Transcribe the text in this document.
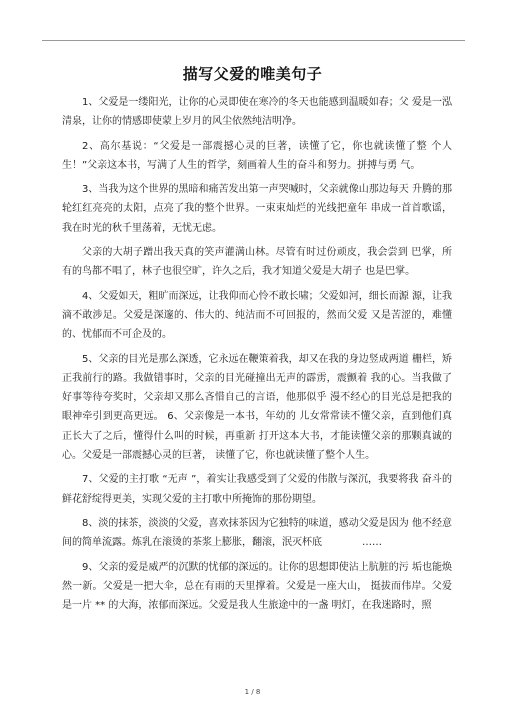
描写父爱的唯美句子

1、父爱是一缕阳光，让你的心灵即使在寒冷的冬天也能感到温暖如春；父 爱是一泓清泉，让你的情感即使蒙上岁月的风尘依然纯洁明净。

2、高尔基说：“父爱是一部震撼心灵的巨著，读懂了它，你也就读懂了整 个人生！”父亲这本书，写满了人生的哲学，刻画着人生的奋斗和努力。拼搏与勇 气。

3、当我为这个世界的黑暗和痛苦发出第一声哭喊时，父亲就像山那边每天 升腾的那轮红红亮亮的太阳，点亮了我的整个世界。一束束灿烂的光线把童年 串成一首首歌谣，我在时光的秋千里荡着，无忧无虑。

父亲的大胡子蹭出我天真的笑声灌满山林。尽管有时过份顽皮，我会尝到 巴掌，所有的鸟都不唱了，林子也很空旷，许久之后，我才知道父爱是大胡子 也是巴掌。

4、父爱如天，粗旷而深远，让我仰而心怜不敢长啸；父爱如河，细长而源 源，让我滴不敢涉足。父爱是深邃的、伟大的、纯洁而不可回报的，然而父爱 又是苦涩的，难懂的、忧郁而不可企及的。

5、父亲的目光是那么深透，它永远在鞭策着我，却又在我的身边竖成两道 栅栏，矫正我前行的路。我做错事时，父亲的目光碰撞出无声的霹雳，震颤着 我的心。当我做了好事等待夸奖时，父亲却又那么吝惜自己的言语，他那似乎 漫不经心的目光总是把我的眼神牵引到更高更远。 6、父亲像是一本书，年幼的 儿女常常读不懂父亲，直到他们真正长大了之后，懂得什么叫的时候，再重新 打开这本大书，才能读懂父亲的那颗真诚的心。父爱是一部震撼心灵的巨著， 读懂了它，你也就读懂了整个人生。

7、父爱的主打歌 “无声 ”，着实让我感受到了父爱的伟散与深沉，我要将我 奋斗的鲜花舒绽得更美，实现父爱的主打歌中所掩饰的那份期望。

8、淡的抹茶，淡淡的父爱，喜欢抹茶因为它独特的味道，感动父爱是因为 他不经意间的简单流露。炼乳在滚烫的茶浆上膨胀，翻滚，泯灭杯底　　　　……

9、父亲的爱是威严的沉默的忧郁的深远的。让你的思想即使沾上肮脏的污 垢也能焕然一新。父爱是一把大伞，总在有雨的天里撑着。父爱是一座大山， 挺拔而伟岸。父爱是一片 ** 的大海，浓郁而深远。父爱是我人生旅途中的一盏 明灯，在我迷路时，照

1 / 8
